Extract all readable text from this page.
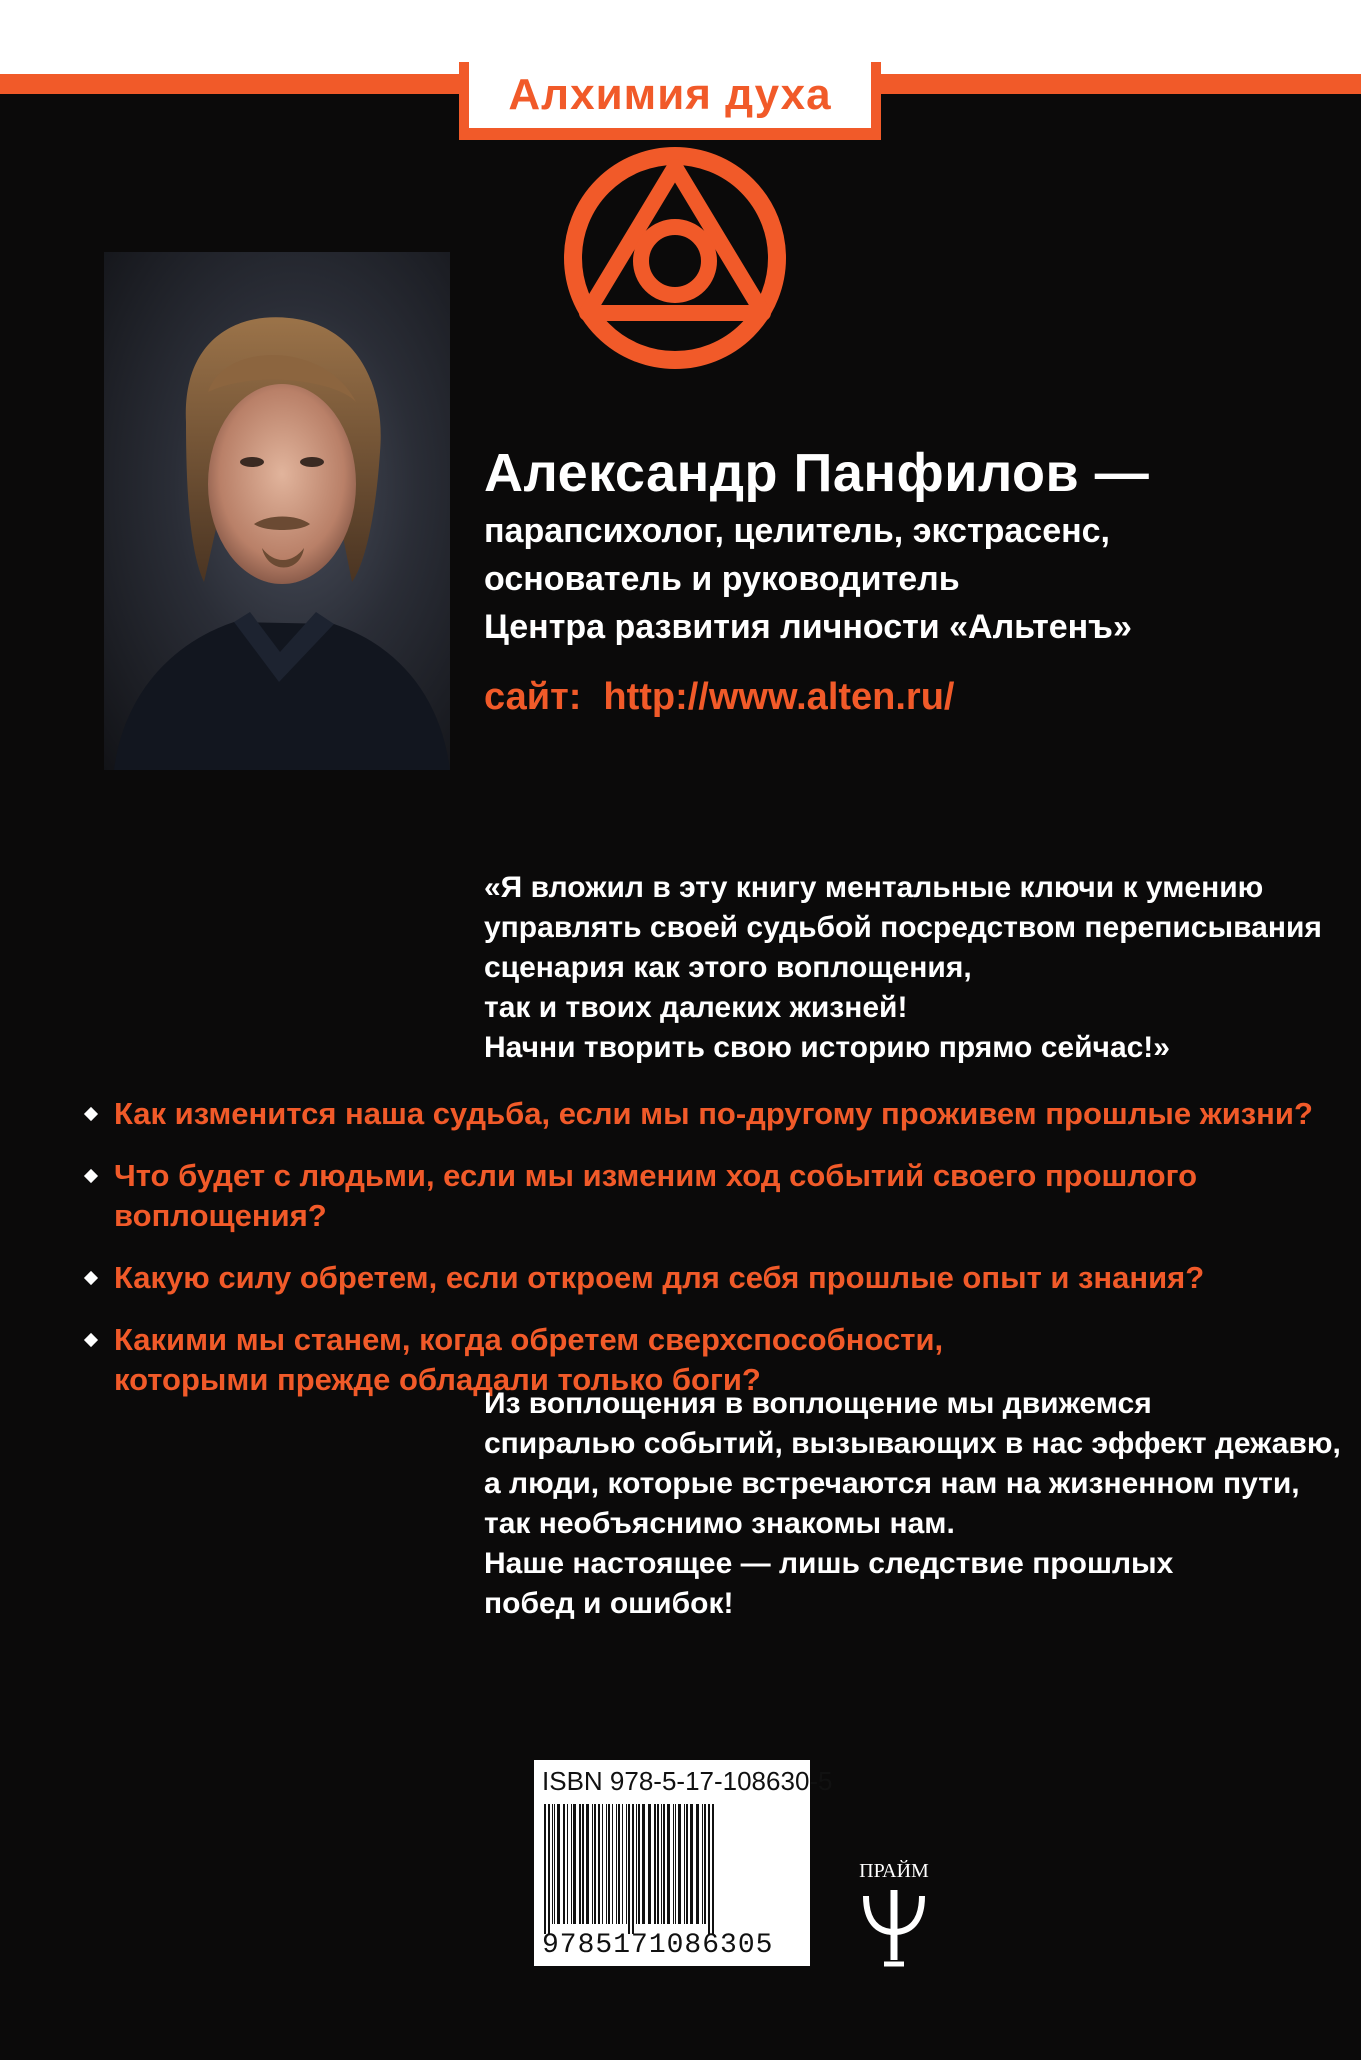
Алхимия духа
Александр Панфилов —
парапсихолог, целитель, экстрасенс,
основатель и руководитель
Центра развития личности «Альтенъ»
сайт: http://www.alten.ru/
«Я вложил в эту книгу ментальные ключи к умению
управлять своей судьбой посредством переписывания
сценария как этого воплощения,
так и твоих далеких жизней!
Начни творить свою историю прямо сейчас!»
Как изменится наша судьба, если мы по-другому проживем прошлые жизни?
Что будет с людьми, если мы изменим ход событий своего прошлого воплощения?
Какую силу обретем, если откроем для себя прошлые опыт и знания?
Какими мы станем, когда обретем сверхспособности,
которыми прежде обладали только боги?
Из воплощения в воплощение мы движемся
спиралью событий, вызывающих в нас эффект дежавю,
а люди, которые встречаются нам на жизненном пути,
так необъяснимо знакомы нам.
Наше настоящее — лишь следствие прошлых
побед и ошибок!
ISBN 978-5-17-108630-5
9785171086305
ПРАЙМ
